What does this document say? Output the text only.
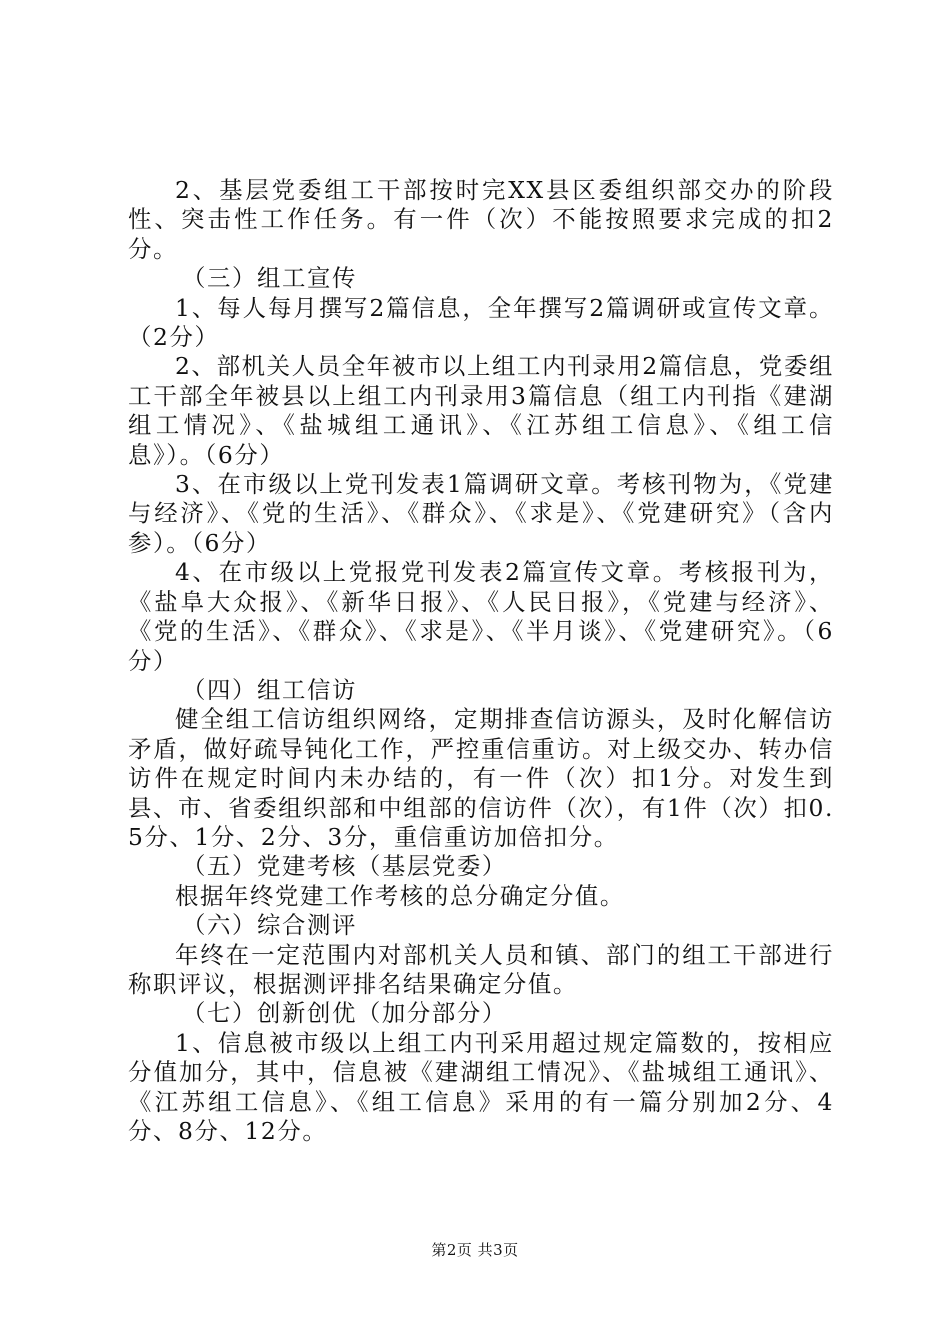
2、基层党委组工干部按时完XX县区委组织部交办的阶段性、突击性工作任务。有一件（次）不能按照要求完成的扣2分。

（三）组工宣传

1、每人每月撰写2篇信息，全年撰写2篇调研或宣传文章。（2分）

2、部机关人员全年被市以上组工内刊录用2篇信息，党委组工干部全年被县以上组工内刊录用3篇信息（组工内刊指《建湖组工情况》、《盐城组工通讯》、《江苏组工信息》、《组工信息》）。（6分）

3、在市级以上党刊发表1篇调研文章。考核刊物为，《党建与经济》、《党的生活》、《群众》、《求是》、《党建研究》（含内参）。（6分）

4、在市级以上党报党刊发表2篇宣传文章。考核报刊为，《盐阜大众报》、《新华日报》、《人民日报》，《党建与经济》、《党的生活》、《群众》、《求是》、《半月谈》、《党建研究》。（6分）

（四）组工信访

健全组工信访组织网络，定期排查信访源头，及时化解信访矛盾，做好疏导钝化工作，严控重信重访。对上级交办、转办信访件在规定时间内未办结的，有一件（次）扣1分。对发生到县、市、省委组织部和中组部的信访件（次），有1件（次）扣0.5分、1分、2分、3分，重信重访加倍扣分。

（五）党建考核（基层党委）

根据年终党建工作考核的总分确定分值。

（六）综合测评

年终在一定范围内对部机关人员和镇、部门的组工干部进行称职评议，根据测评排名结果确定分值。

（七）创新创优（加分部分）

1、信息被市级以上组工内刊采用超过规定篇数的，按相应分值加分，其中，信息被《建湖组工情况》、《盐城组工通讯》、《江苏组工信息》、《组工信息》采用的有一篇分别加2分、4分、8分、12分。

第2页 共3页
